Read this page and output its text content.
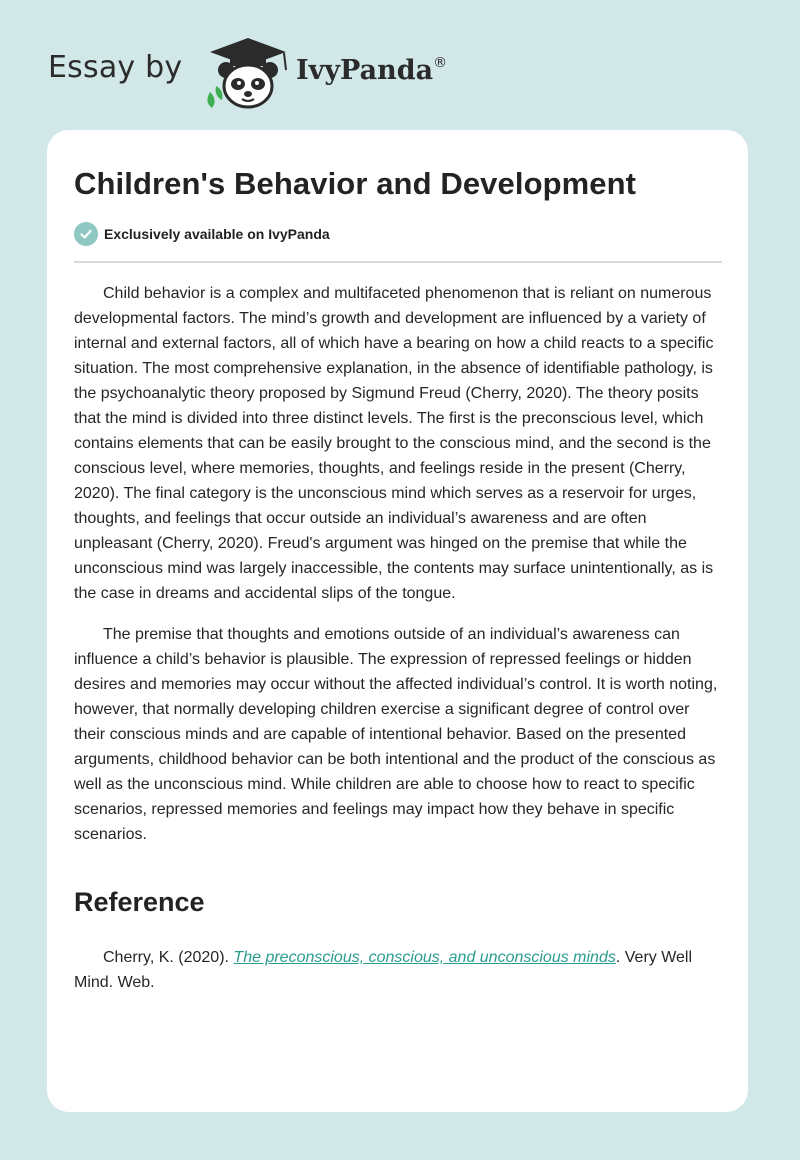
Essay by	IvyPanda®
Children's Behavior and Development
Exclusively available on IvyPanda

Child behavior is a complex and multifaceted phenomenon that is reliant on numerous developmental factors. The mind’s growth and development are influenced by a variety of internal and external factors, all of which have a bearing on how a child reacts to a specific situation. The most comprehensive explanation, in the absence of identifiable pathology, is the psychoanalytic theory proposed by Sigmund Freud (Cherry, 2020). The theory posits that the mind is divided into three distinct levels. The first is the preconscious level, which contains elements that can be easily brought to the conscious mind, and the second is the conscious level, where memories, thoughts, and feelings reside in the present (Cherry, 2020). The final category is the unconscious mind which serves as a reservoir for urges, thoughts, and feelings that occur outside an individual’s awareness and are often unpleasant (Cherry, 2020). Freud's argument was hinged on the premise that while the unconscious mind was largely inaccessible, the contents may surface unintentionally, as is the case in dreams and accidental slips of the tongue.

The premise that thoughts and emotions outside of an individual’s awareness can influence a child’s behavior is plausible. The expression of repressed feelings or hidden desires and memories may occur without the affected individual’s control. It is worth noting, however, that normally developing children exercise a significant degree of control over their conscious minds and are capable of intentional behavior. Based on the presented arguments, childhood behavior can be both intentional and the product of the conscious as well as the unconscious mind. While children are able to choose how to react to specific scenarios, repressed memories and feelings may impact how they behave in specific scenarios.

Reference

Cherry, K. (2020). The preconscious, conscious, and unconscious minds. Very Well Mind. Web.
